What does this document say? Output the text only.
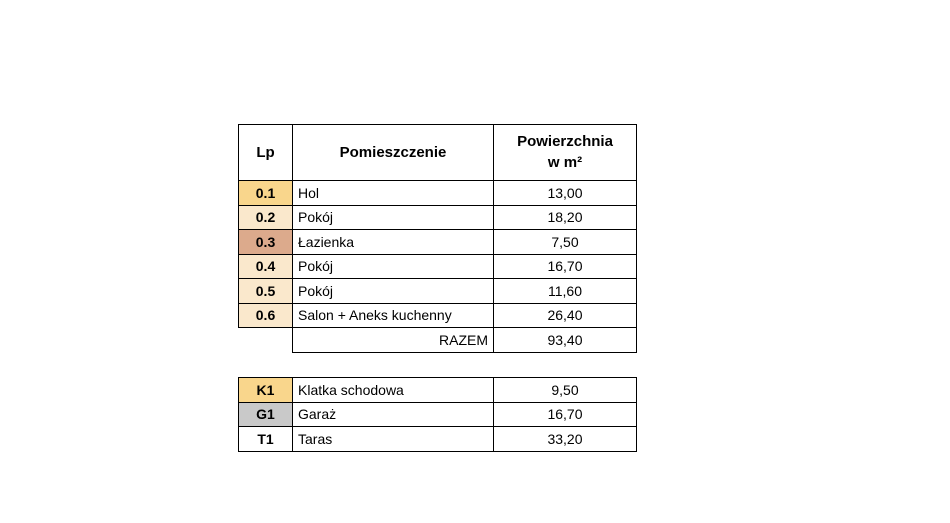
Lp	Pomieszczenie	Powierzchnia
w m²
0.1	Hol	13,00
0.2	Pokój	18,20
0.3	Łazienka	7,50
0.4	Pokój	16,70
0.5	Pokój	11,60
0.6	Salon + Aneks kuchenny	26,40
	RAZEM	93,40
K1	Klatka schodowa	9,50
G1	Garaż	16,70
T1	Taras	33,20
